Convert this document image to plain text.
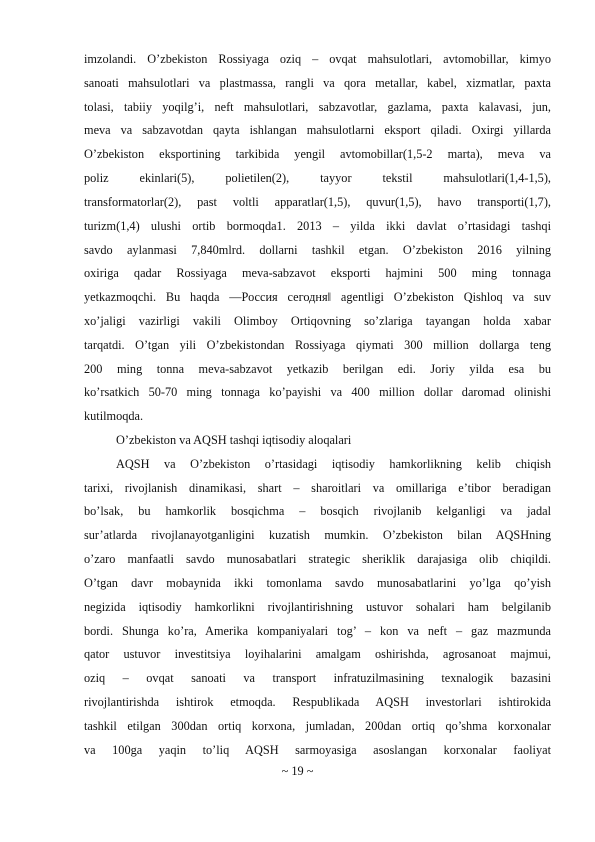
imzolandi. O’zbekiston Rossiyaga oziq – ovqat mahsulotlari, avtomobillar, kimyo
sanoati mahsulotlari va plastmassa, rangli va qora metallar, kabel, xizmatlar, paxta
tolasi, tabiiy yoqilg’i, neft mahsulotlari, sabzavotlar, gazlama, paxta kalavasi, jun,
meva va sabzavotdan qayta ishlangan mahsulotlarni eksport qiladi. Oxirgi yillarda
O’zbekiston eksportining tarkibida yengil avtomobillar(1,5-2 marta), meva va
poliz ekinlari(5), polietilen(2), tayyor tekstil mahsulotlari(1,4-1,5),
transformatorlar(2), past voltli apparatlar(1,5), quvur(1,5), havo transporti(1,7),
turizm(1,4) ulushi ortib bormoqda1. 2013 – yilda ikki davlat o’rtasidagi tashqi
savdo aylanmasi 7,840mlrd. dollarni tashkil etgan. O’zbekiston 2016 yilning
oxiriga qadar Rossiyaga meva-sabzavot eksporti hajmini 500 ming tonnaga
yetkazmoqchi. Bu haqda ―Россия сегодня‖ agentligi O’zbekiston Qishloq va suv
xo’jaligi vazirligi vakili Olimboy Ortiqovning so’zlariga tayangan holda xabar
tarqatdi. O’tgan yili O’zbekistondan Rossiyaga qiymati 300 million dollarga teng
200 ming tonna meva-sabzavot yetkazib berilgan edi. Joriy yilda esa bu
ko’rsatkich 50-70 ming tonnaga ko’payishi va 400 million dollar daromad olinishi
kutilmoqda.
O’zbekiston va AQSH tashqi iqtisodiy aloqalari
AQSH va O’zbekiston o’rtasidagi iqtisodiy hamkorlikning kelib chiqish
tarixi, rivojlanish dinamikasi, shart – sharoitlari va omillariga e’tibor beradigan
bo’lsak, bu hamkorlik bosqichma – bosqich rivojlanib kelganligi va jadal
sur’atlarda rivojlanayotganligini kuzatish mumkin. O’zbekiston bilan AQSHning
o’zaro manfaatli savdo munosabatlari strategic sheriklik darajasiga olib chiqildi.
O’tgan davr mobaynida ikki tomonlama savdo munosabatlarini yo’lga qo’yish
negizida iqtisodiy hamkorlikni rivojlantirishning ustuvor sohalari ham belgilanib
bordi. Shunga ko’ra, Amerika kompaniyalari tog’ – kon va neft – gaz mazmunda
qator ustuvor investitsiya loyihalarini amalgam oshirishda, agrosanoat majmui,
oziq – ovqat sanoati va transport infratuzilmasining texnalogik bazasini
rivojlantirishda ishtirok etmoqda. Respublikada AQSH investorlari ishtirokida
tashkil etilgan 300dan ortiq korxona, jumladan, 200dan ortiq qo’shma korxonalar
va 100ga yaqin to’liq AQSH sarmoyasiga asoslangan korxonalar faoliyat
~ 19 ~
